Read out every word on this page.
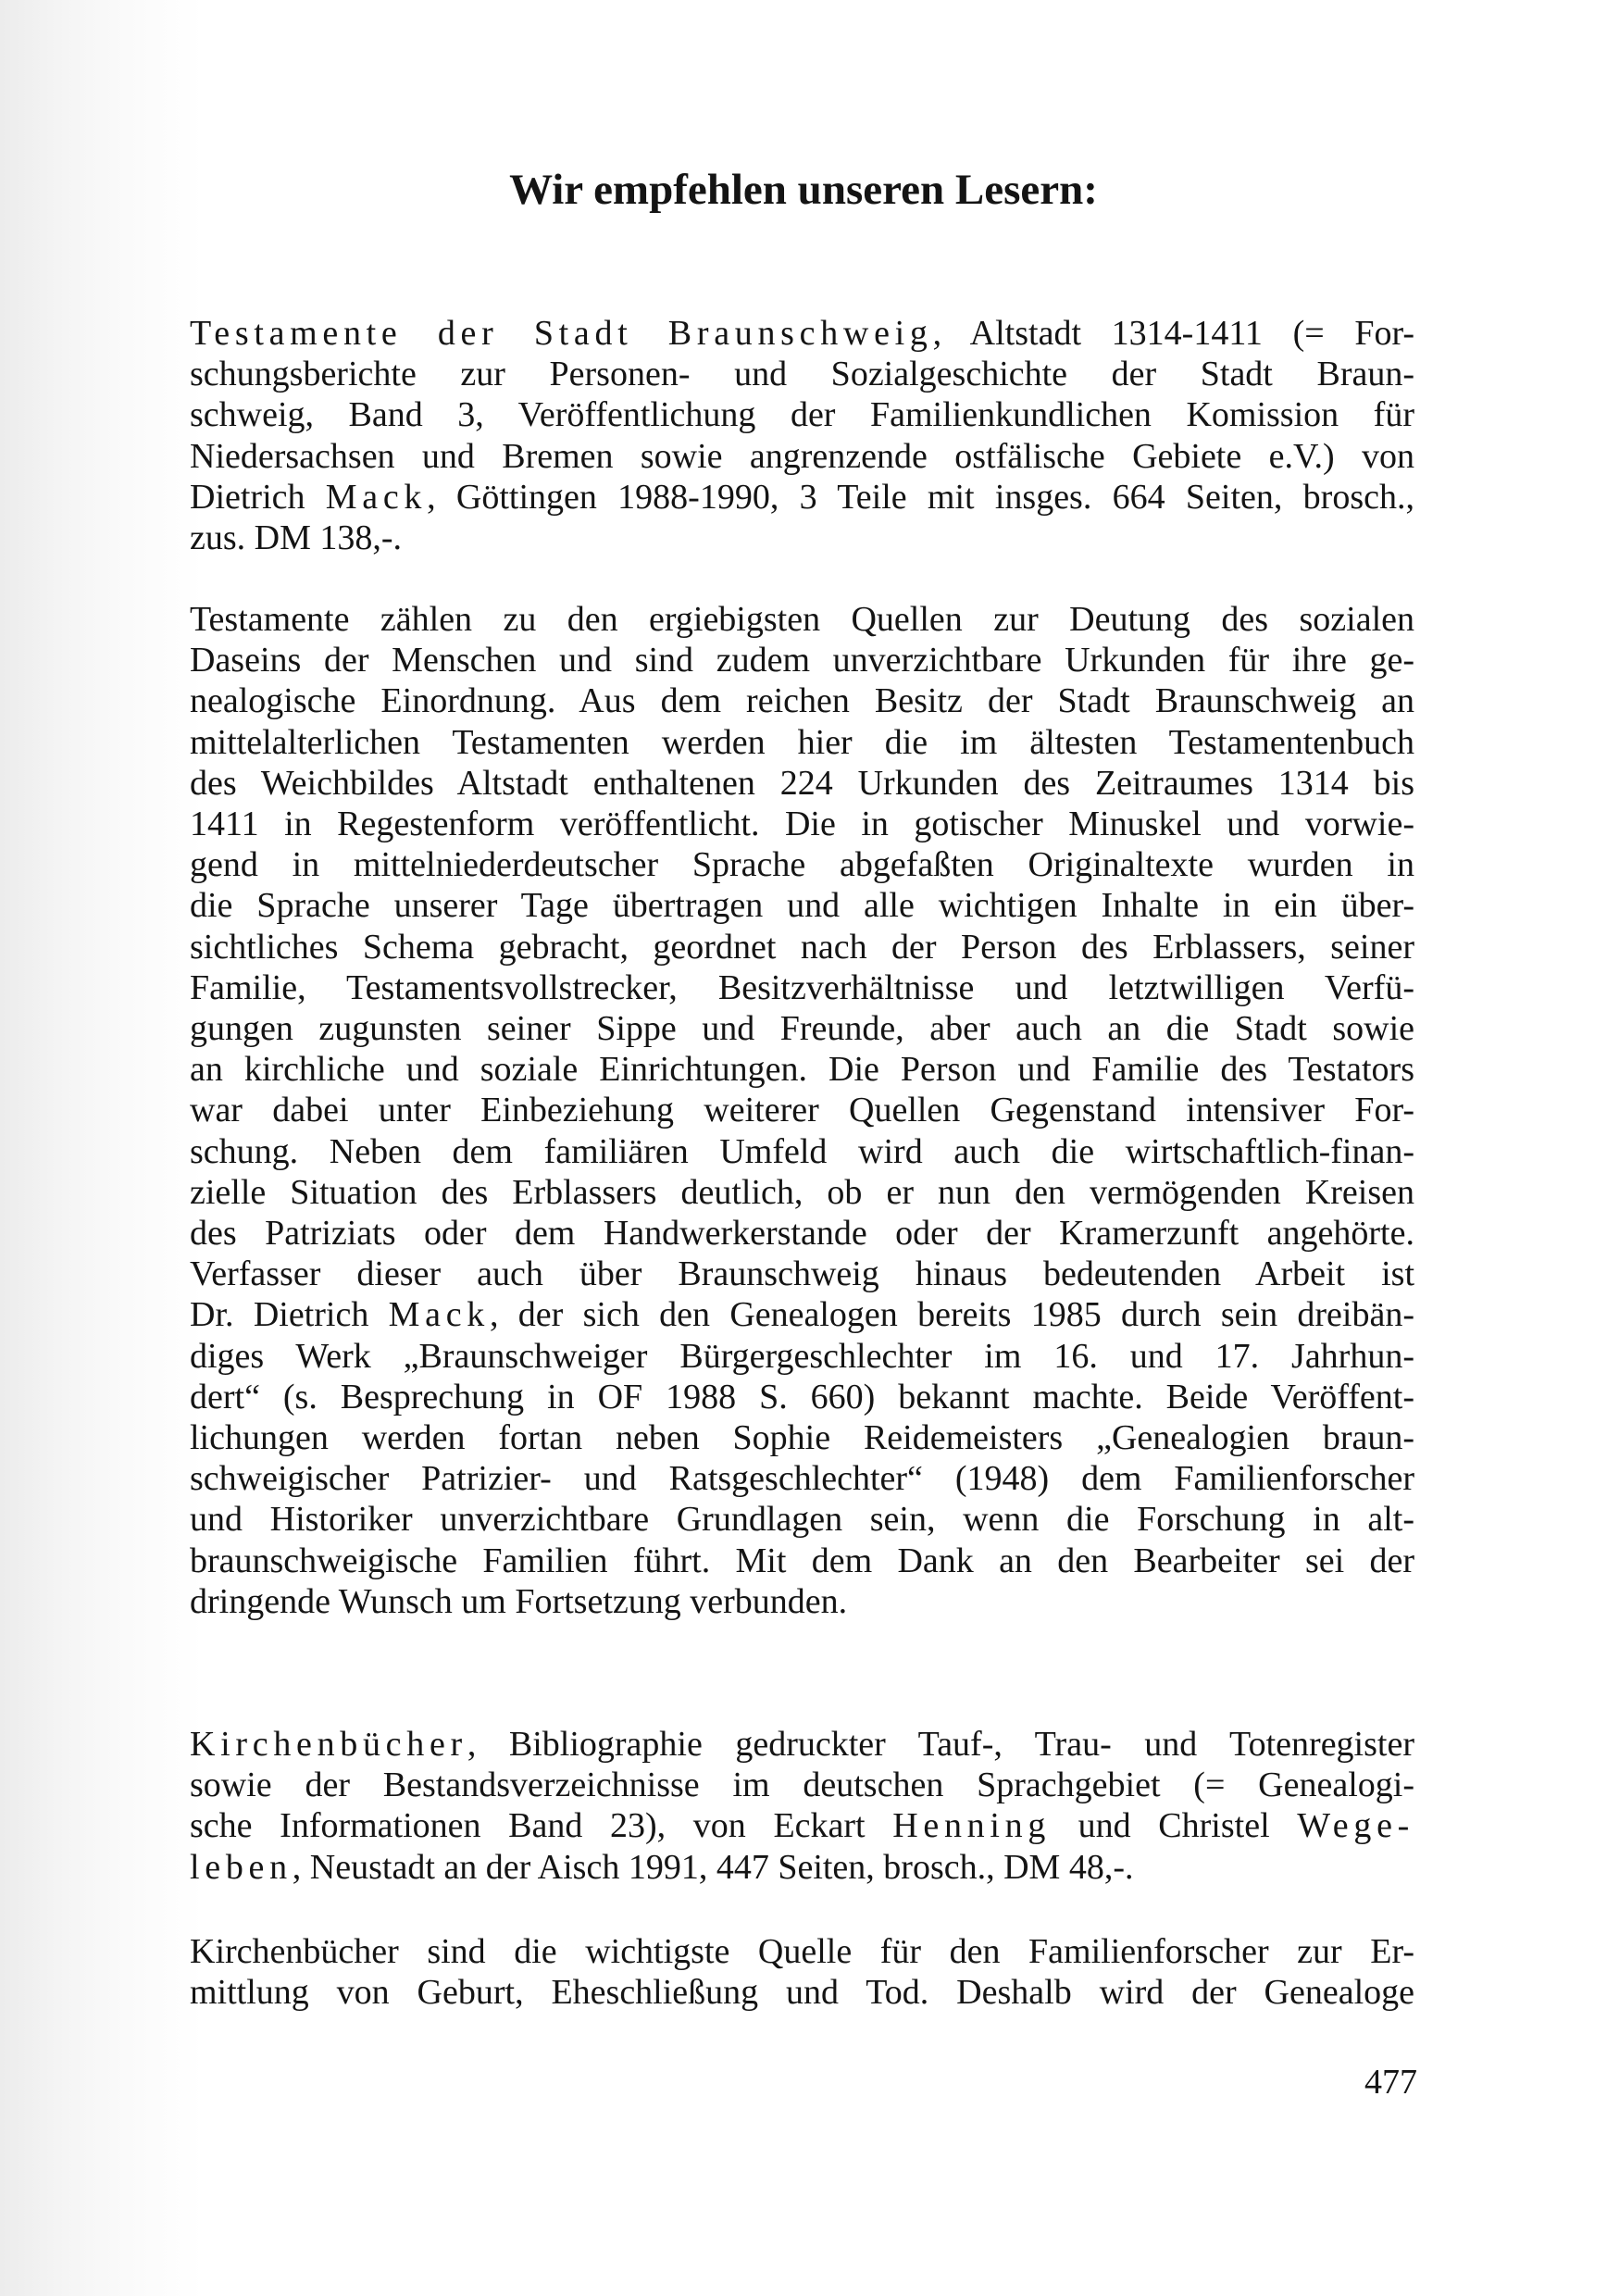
Wir empfehlen unseren Lesern:
Testamente der Stadt Braunschweig, Altstadt 1314-1411 (= For-
schungsberichte zur Personen- und Sozialgeschichte der Stadt Braun-
schweig, Band 3, Veröffentlichung der Familienkundlichen Komission für
Niedersachsen und Bremen sowie angrenzende ostfälische Gebiete e.V.) von
Dietrich Mack, Göttingen 1988-1990, 3 Teile mit insges. 664 Seiten, brosch.,
zus. DM 138,-.
Testamente zählen zu den ergiebigsten Quellen zur Deutung des sozialen
Daseins der Menschen und sind zudem unverzichtbare Urkunden für ihre ge-
nealogische Einordnung. Aus dem reichen Besitz der Stadt Braunschweig an
mittelalterlichen Testamenten werden hier die im ältesten Testamentenbuch
des Weichbildes Altstadt enthaltenen 224 Urkunden des Zeitraumes 1314 bis
1411 in Regestenform veröffentlicht. Die in gotischer Minuskel und vorwie-
gend in mittelniederdeutscher Sprache abgefaßten Originaltexte wurden in
die Sprache unserer Tage übertragen und alle wichtigen Inhalte in ein über-
sichtliches Schema gebracht, geordnet nach der Person des Erblassers, seiner
Familie, Testamentsvollstrecker, Besitzverhältnisse und letztwilligen Verfü-
gungen zugunsten seiner Sippe und Freunde, aber auch an die Stadt sowie
an kirchliche und soziale Einrichtungen. Die Person und Familie des Testators
war dabei unter Einbeziehung weiterer Quellen Gegenstand intensiver For-
schung. Neben dem familiären Umfeld wird auch die wirtschaftlich-finan-
zielle Situation des Erblassers deutlich, ob er nun den vermögenden Kreisen
des Patriziats oder dem Handwerkerstande oder der Kramerzunft angehörte.
Verfasser dieser auch über Braunschweig hinaus bedeutenden Arbeit ist
Dr. Dietrich Mack, der sich den Genealogen bereits 1985 durch sein dreibän-
diges Werk „Braunschweiger Bürgergeschlechter im 16. und 17. Jahrhun-
dert“ (s. Besprechung in OF 1988 S. 660) bekannt machte. Beide Veröffent-
lichungen werden fortan neben Sophie Reidemeisters „Genealogien braun-
schweigischer Patrizier- und Ratsgeschlechter“ (1948) dem Familienforscher
und Historiker unverzichtbare Grundlagen sein, wenn die Forschung in alt-
braunschweigische Familien führt. Mit dem Dank an den Bearbeiter sei der
dringende Wunsch um Fortsetzung verbunden.
Kirchenbücher, Bibliographie gedruckter Tauf-, Trau- und Totenregister
sowie der Bestandsverzeichnisse im deutschen Sprachgebiet (= Genealogi-
sche Informationen Band 23), von Eckart Henning und Christel Wege-
leben, Neustadt an der Aisch 1991, 447 Seiten, brosch., DM 48,-.
Kirchenbücher sind die wichtigste Quelle für den Familienforscher zur Er-
mittlung von Geburt, Eheschließung und Tod. Deshalb wird der Genealoge
477
